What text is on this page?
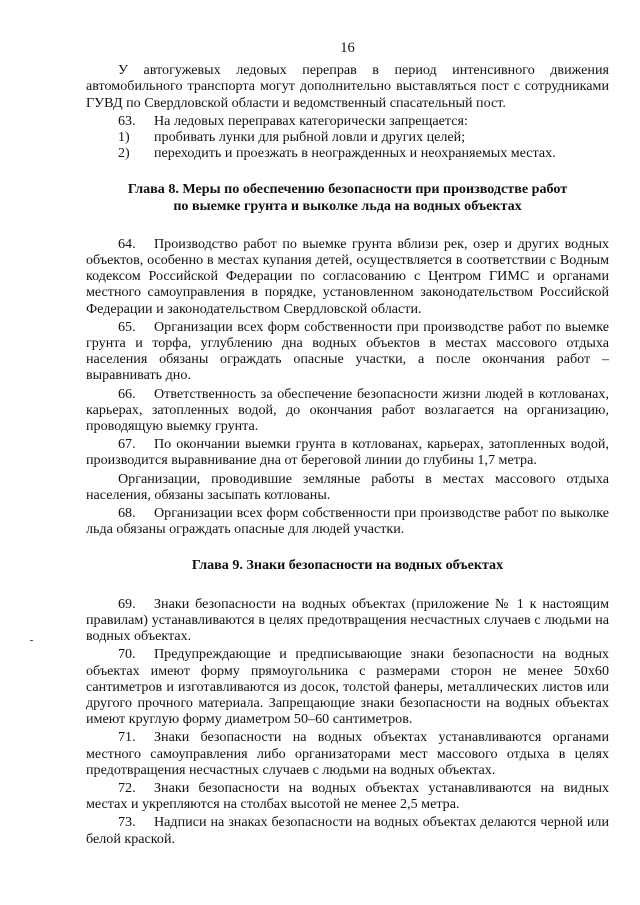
16

У автогужевых ледовых переправ в период интенсивного движения автомобильного транспорта могут дополнительно выставляться пост с сотрудниками ГУВД по Свердловской области и ведомственный спасательный пост.

63.	На ледовых переправах категорически запрещается:
1)	пробивать лунки для рыбной ловли и других целей;
2)	переходить и проезжать в неогражденных и неохраняемых местах.
Глава 8. Меры по обеспечению безопасности при производстве работ
по выемке грунта и выколке льда на водных объектах

64. Производство работ по выемке грунта вблизи рек, озер и других водных объектов, особенно в местах купания детей, осуществляется в соответствии с Водным кодексом Российской Федерации по согласованию с Центром ГИМС и органами местного самоуправления в порядке, установленном законодательством Российской Федерации и законодательством Свердловской области.

65. Организации всех форм собственности при производстве работ по выемке грунта и торфа, углублению дна водных объектов в местах массового отдыха населения обязаны ограждать опасные участки, а после окончания работ – выравнивать дно.

66. Ответственность за обеспечение безопасности жизни людей в котлованах, карьерах, затопленных водой, до окончания работ возлагается на организацию, проводящую выемку грунта.

67. По окончании выемки грунта в котлованах, карьерах, затопленных водой, производится выравнивание дна от береговой линии до глубины 1,7 метра.

Организации, проводившие земляные работы в местах массового отдыха населения, обязаны засыпать котлованы.

68. Организации всех форм собственности при производстве работ по выколке льда обязаны ограждать опасные для людей участки.

Глава 9. Знаки безопасности на водных объектах

69. Знаки безопасности на водных объектах (приложение № 1 к настоящим правилам) устанавливаются в целях предотвращения несчастных случаев с людьми на водных объектах.

70. Предупреждающие и предписывающие знаки безопасности на водных объектах имеют форму прямоугольника с размерами сторон не менее 50х60 сантиметров и изготавливаются из досок, толстой фанеры, металлических листов или другого прочного материала. Запрещающие знаки безопасности на водных объектах имеют круглую форму диаметром 50–60 сантиметров.

71. Знаки безопасности на водных объектах устанавливаются органами местного самоуправления либо организаторами мест массового отдыха в целях предотвращения несчастных случаев с людьми на водных объектах.

72. Знаки безопасности на водных объектах устанавливаются на видных местах и укрепляются на столбах высотой не менее 2,5 метра.

73. Надписи на знаках безопасности на водных объектах делаются черной или белой краской.
